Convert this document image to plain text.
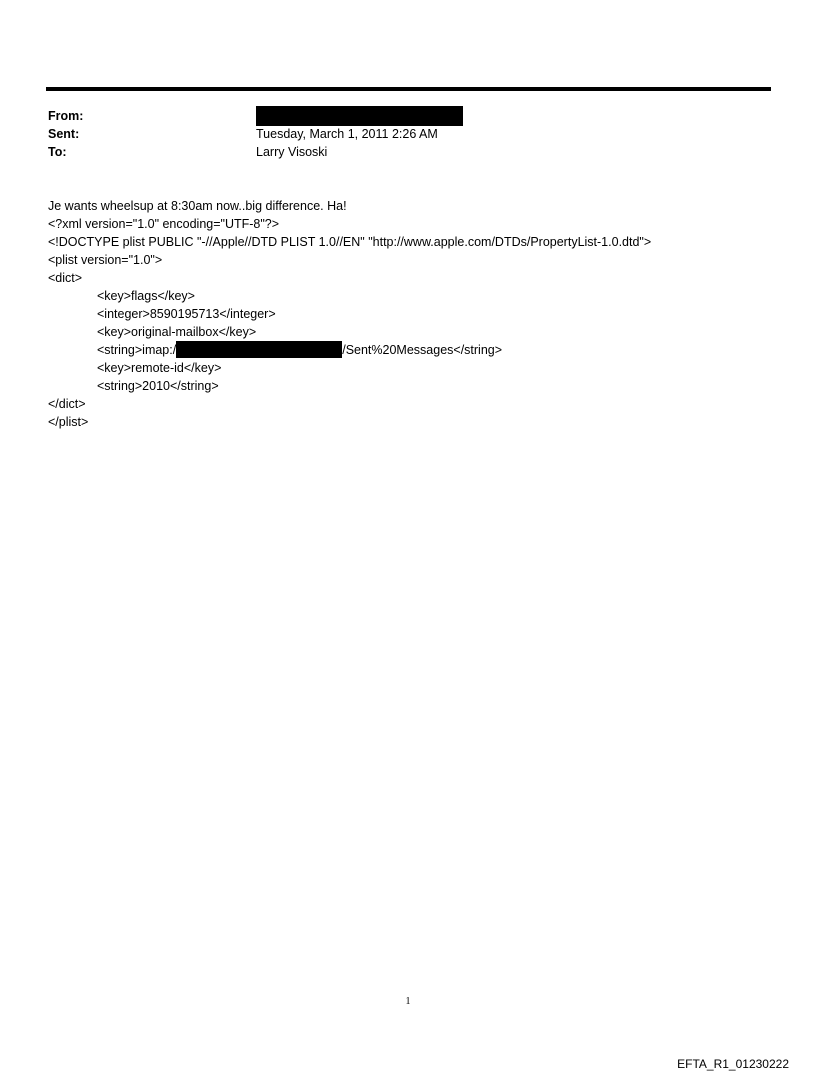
From:
Sent:	Tuesday, March 1, 2011 2:26 AM
To:	Larry Visoski
Je wants wheelsup at 8:30am now..big difference. Ha!
<?xml version="1.0" encoding="UTF-8"?>
<!DOCTYPE plist PUBLIC "-//Apple//DTD PLIST 1.0//EN" "http://www.apple.com/DTDs/PropertyList-1.0.dtd">
<plist version="1.0">
<dict>
<key>flags</key>
<integer>8590195713</integer>
<key>original-mailbox</key>
<string>imap:/	/Sent%20Messages</string>
<key>remote-id</key>
<string>2010</string>
</dict>
</plist>
1
EFTA_R1_01230222
